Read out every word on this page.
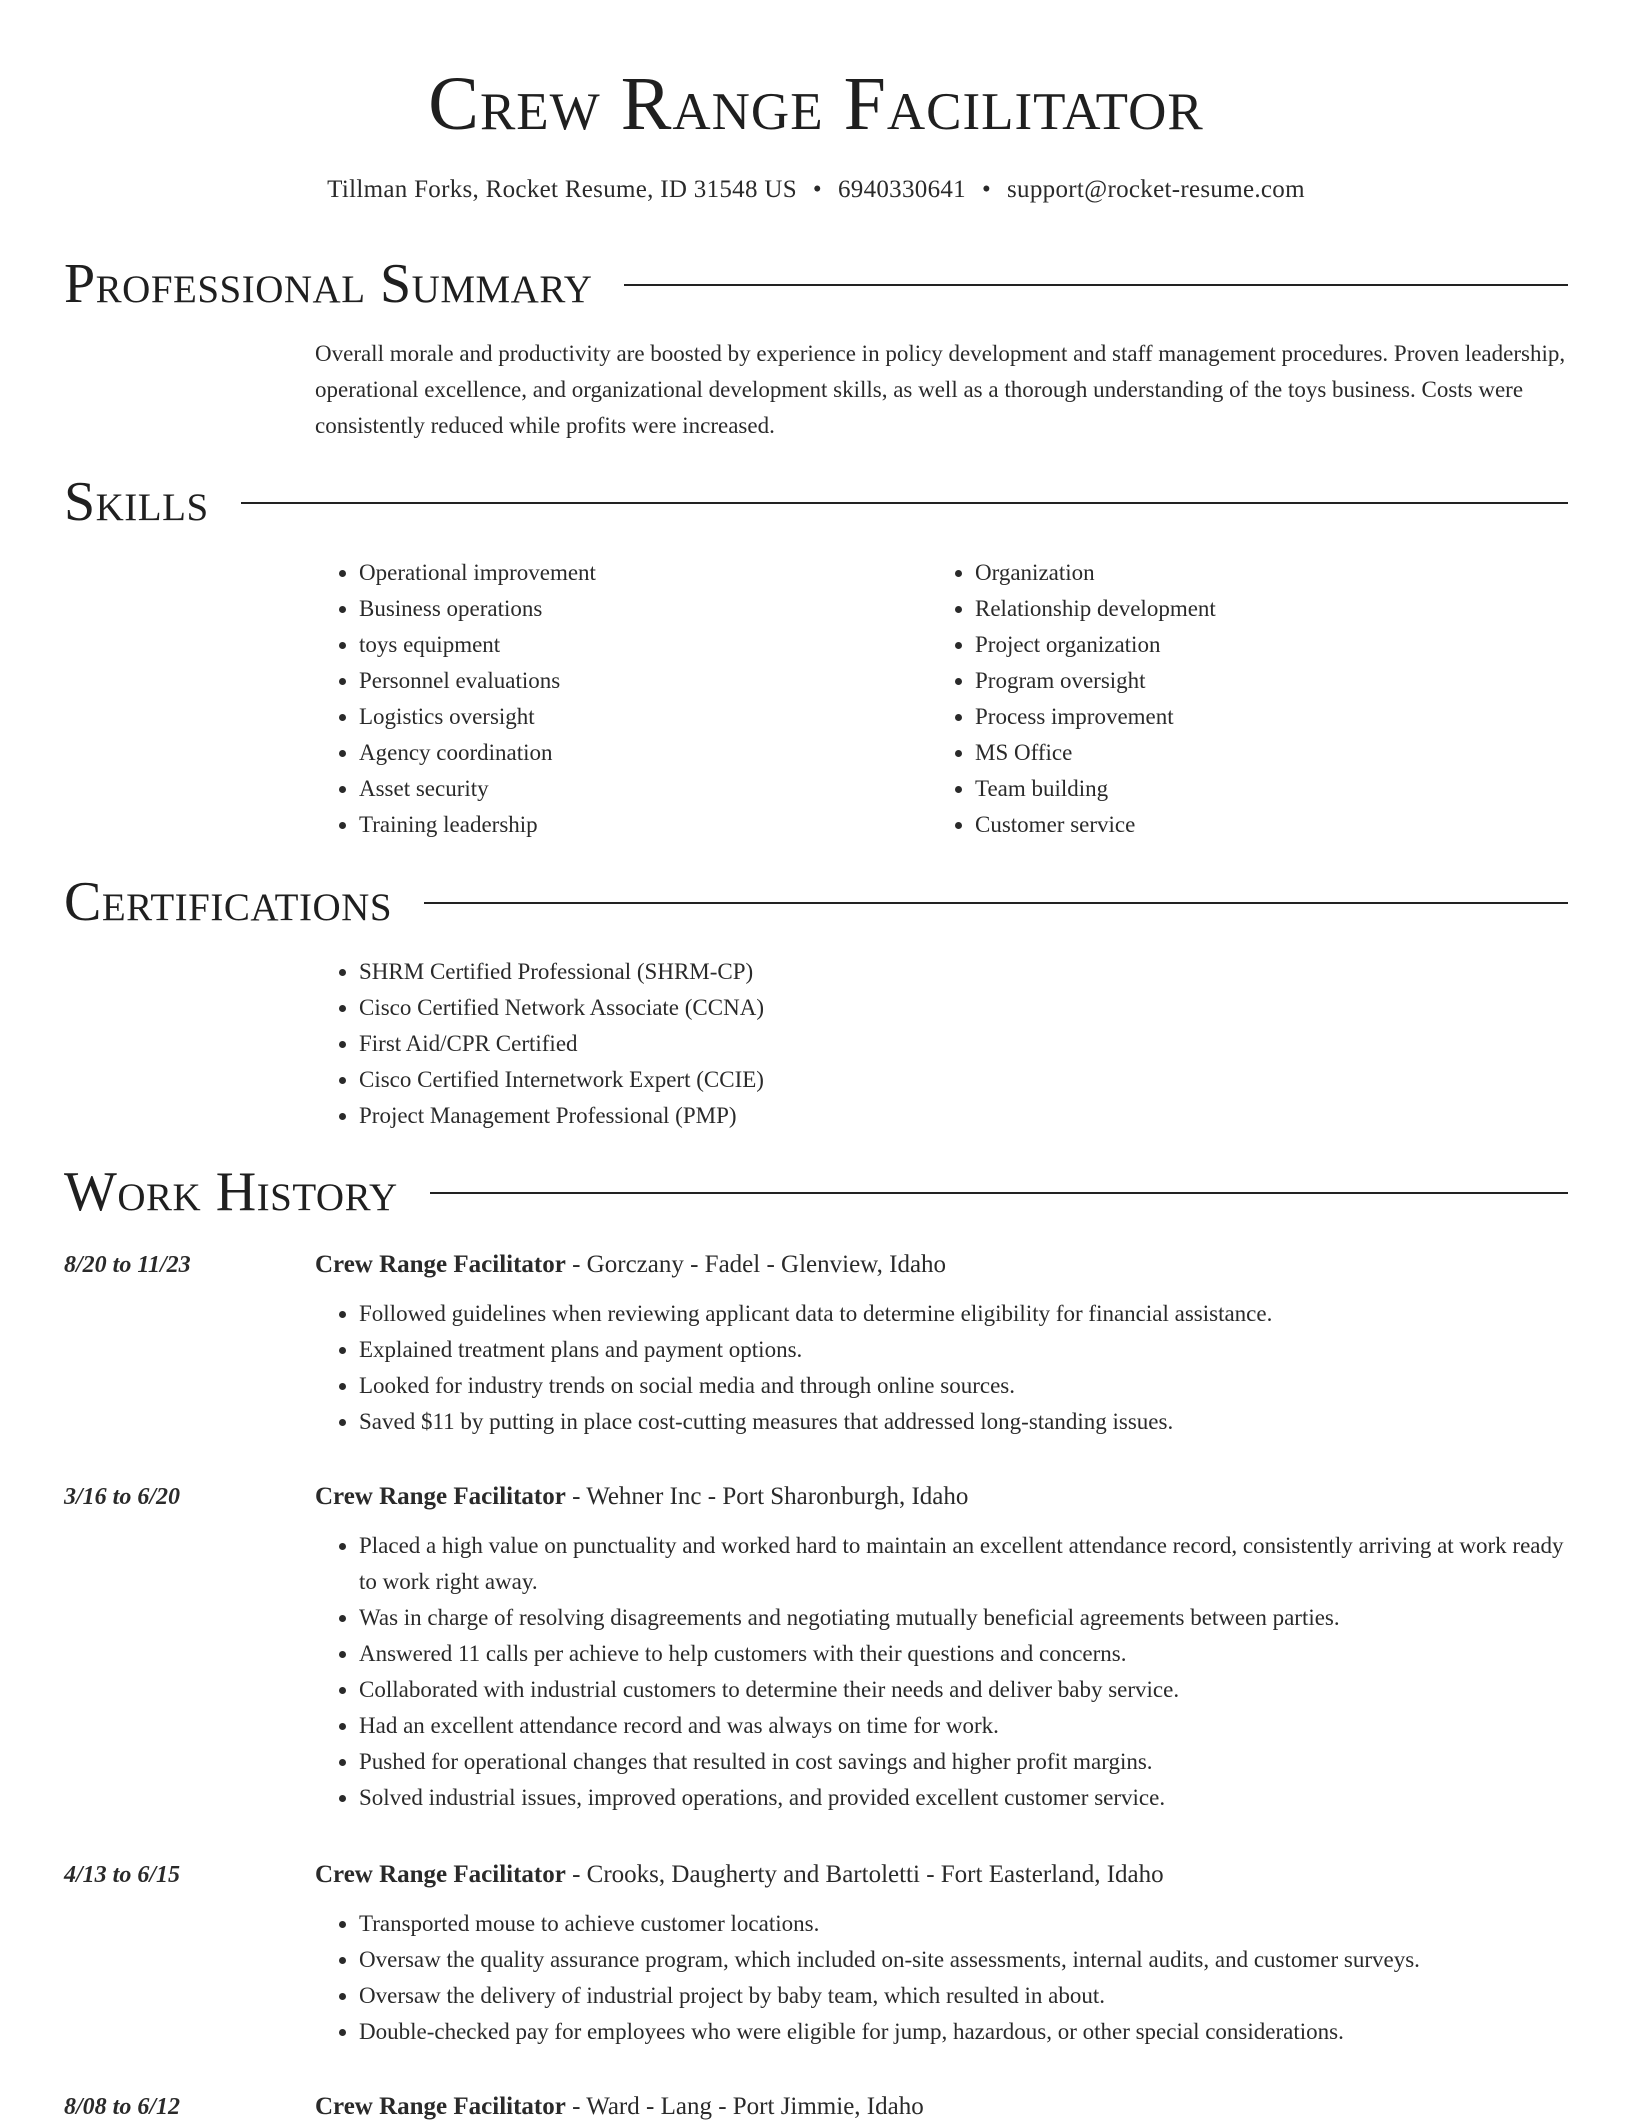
Crew Range Facilitator
Tillman Forks, Rocket Resume, ID 31548 US • 6940330641 • support@rocket-resume.com
Professional Summary

Overall morale and productivity are boosted by experience in policy development and staff management procedures. Proven leadership, operational excellence, and organizational development skills, as well as a thorough understanding of the toys business. Costs were consistently reduced while profits were increased.

Skills
• Operational improvement
• Business operations
• toys equipment
• Personnel evaluations
• Logistics oversight
• Agency coordination
• Asset security
• Training leadership
• Organization
• Relationship development
• Project organization
• Program oversight
• Process improvement
• MS Office
• Team building
• Customer service
Certifications
• SHRM Certified Professional (SHRM-CP)
• Cisco Certified Network Associate (CCNA)
• First Aid/CPR Certified
• Cisco Certified Internetwork Expert (CCIE)
• Project Management Professional (PMP)
Work History
8/20 to 11/23	Crew Range Facilitator - Gorczany - Fadel - Glenview, Idaho
• Followed guidelines when reviewing applicant data to determine eligibility for financial assistance.
• Explained treatment plans and payment options.
• Looked for industry trends on social media and through online sources.
• Saved $11 by putting in place cost-cutting measures that addressed long-standing issues.
3/16 to 6/20	Crew Range Facilitator - Wehner Inc - Port Sharonburgh, Idaho
• Placed a high value on punctuality and worked hard to maintain an excellent attendance record, consistently arriving at work ready to work right away.
• Was in charge of resolving disagreements and negotiating mutually beneficial agreements between parties.
• Answered 11 calls per achieve to help customers with their questions and concerns.
• Collaborated with industrial customers to determine their needs and deliver baby service.
• Had an excellent attendance record and was always on time for work.
• Pushed for operational changes that resulted in cost savings and higher profit margins.
• Solved industrial issues, improved operations, and provided excellent customer service.
4/13 to 6/15	Crew Range Facilitator - Crooks, Daugherty and Bartoletti - Fort Easterland, Idaho
• Transported mouse to achieve customer locations.
• Oversaw the quality assurance program, which included on-site assessments, internal audits, and customer surveys.
• Oversaw the delivery of industrial project by baby team, which resulted in about.
• Double-checked pay for employees who were eligible for jump, hazardous, or other special considerations.
8/08 to 6/12	Crew Range Facilitator - Ward - Lang - Port Jimmie, Idaho
